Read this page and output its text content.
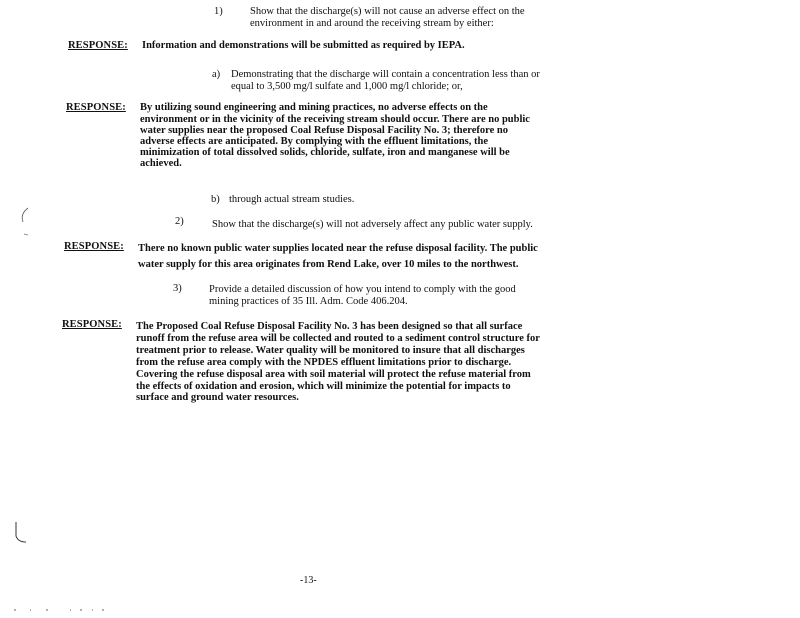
1)	Show that the discharge(s) will not cause an adverse effect on the
environment in and around the receiving stream by either:
RESPONSE: Information and demonstrations will be submitted as required by IEPA.
a) Demonstrating that the discharge will contain a concentration less than or
equal to 3,500 mg/l sulfate and 1,000 mg/l chloride; or,
RESPONSE: By utilizing sound engineering and mining practices, no adverse effects on the
environment or in the vicinity of the receiving stream should occur. There are no public
water supplies near the proposed Coal Refuse Disposal Facility No. 3; therefore no
adverse effects are anticipated. By complying with the effluent limitations, the
minimization of total dissolved solids, chloride, sulfate, iron and manganese will be
achieved.
b) through actual stream studies.
2)	Show that the discharge(s) will not adversely affect any public water supply.
RESPONSE: There no known public water supplies located near the refuse disposal facility. The public
water supply for this area originates from Rend Lake, over 10 miles to the northwest.
3)	Provide a detailed discussion of how you intend to comply with the good
mining practices of 35 Ill. Adm. Code 406.204.
RESPONSE: The Proposed Coal Refuse Disposal Facility No. 3 has been designed so that all surface
runoff from the refuse area will be collected and routed to a sediment control structure for
treatment prior to release. Water quality will be monitored to insure that all discharges
from the refuse area comply with the NPDES effluent limitations prior to discharge.
Covering the refuse disposal area with soil material will protect the refuse material from
the effects of oxidation and erosion, which will minimize the potential for impacts to
surface and ground water resources.
-13-
